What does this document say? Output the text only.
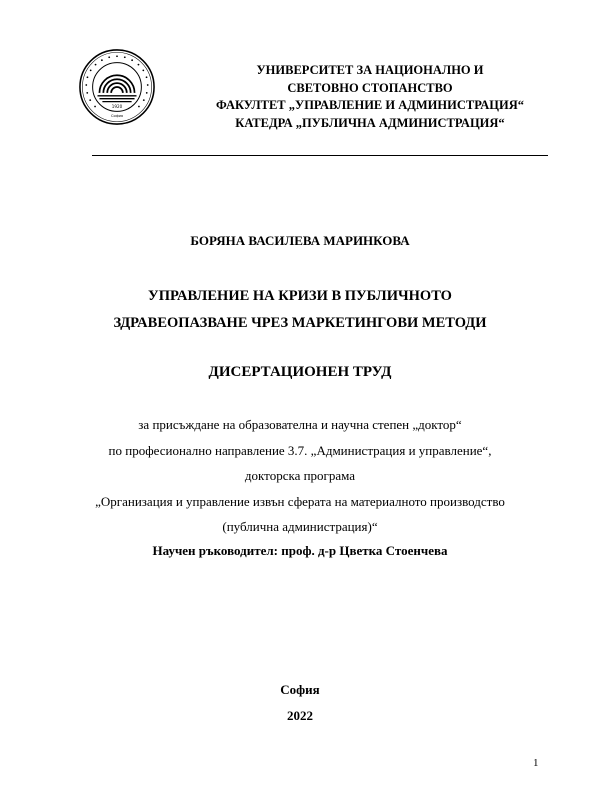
1920
София
УНИВЕРСИТЕТ ЗА НАЦИОНАЛНО И
СВЕТОВНО СТОПАНСТВО
ФАКУЛТЕТ „УПРАВЛЕНИЕ И АДМИНИСТРАЦИЯ“
КАТЕДРА „ПУБЛИЧНА АДМИНИСТРАЦИЯ“
БОРЯНА ВАСИЛЕВА МАРИНКОВА
УПРАВЛЕНИЕ НА КРИЗИ В ПУБЛИЧНОТО
ЗДРАВЕОПАЗВАНЕ ЧРЕЗ МАРКЕТИНГОВИ МЕТОДИ
ДИСЕРТАЦИОНЕН ТРУД
за присъждане на образователна и научна степен „доктор“
по професионално направление 3.7. „Администрация и управление“,
докторска програма
„Организация и управление извън сферата на материалното производство
(публична администрация)“
Научен ръководител: проф. д-р Цветка Стоенчева
София
2022
1
